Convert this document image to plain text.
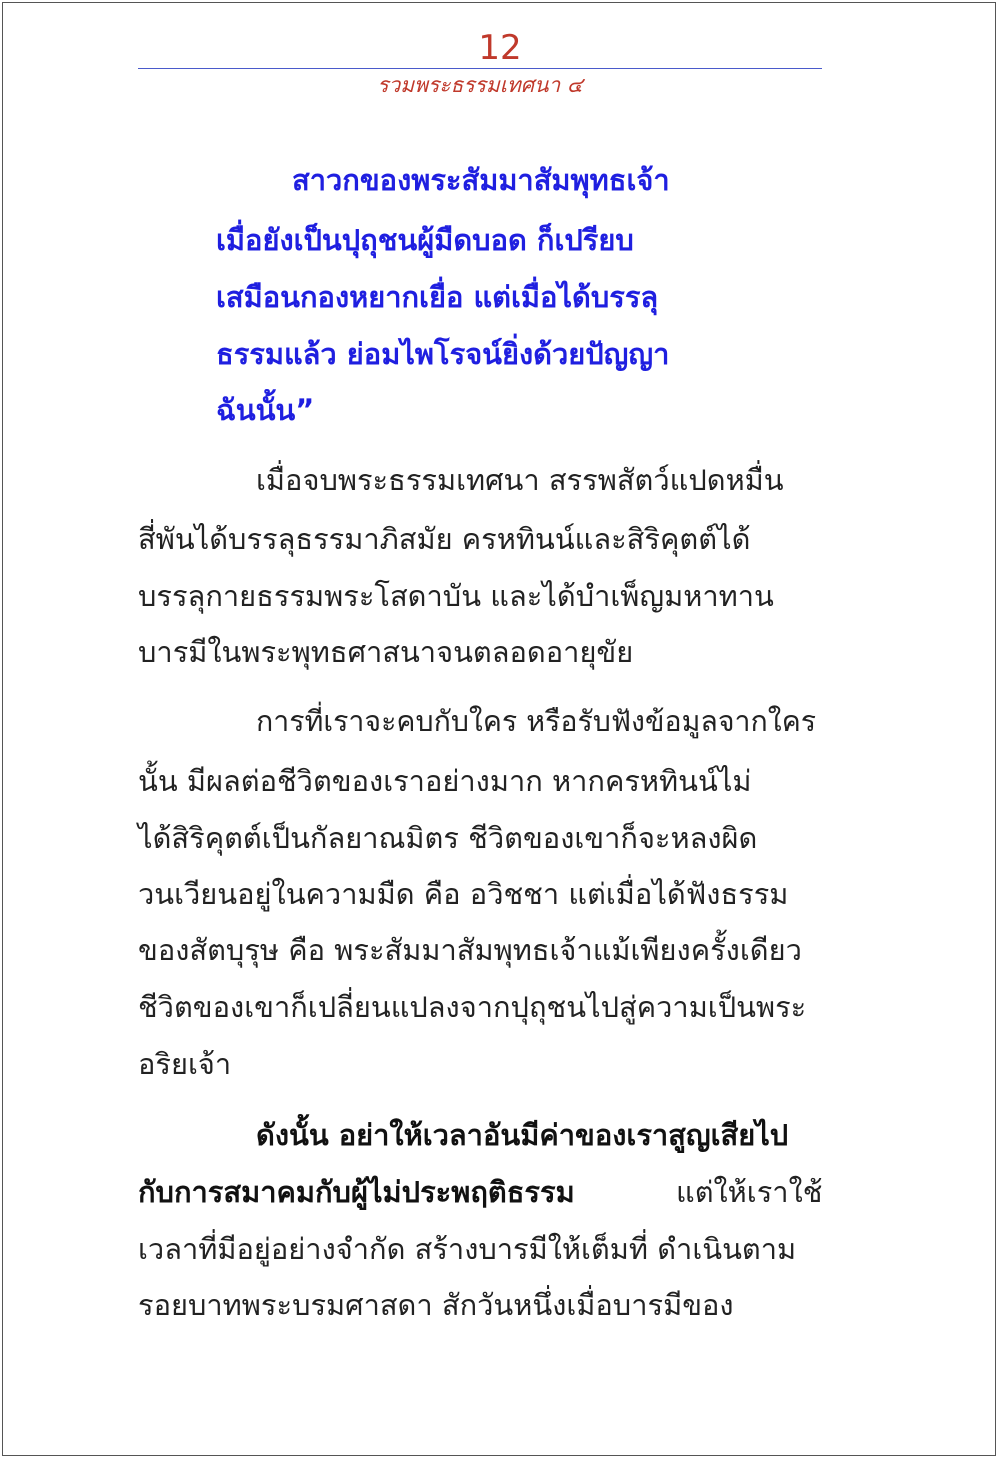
12
รวมพระธรรมเทศนา ๔
สาวกของพระสัมมาสัมพุทธเจ้า
เมื่อยังเป็นปุถุชนผู้มืดบอด ก็เปรียบ
เสมือนกองหยากเยื่อ แต่เมื่อได้บรรลุ
ธรรมแล้ว ย่อมไพโรจน์ยิ่งด้วยปัญญา
ฉันนั้น”
เมื่อจบพระธรรมเทศนา สรรพสัตว์แปดหมื่น
สี่พันได้บรรลุธรรมาภิสมัย ครหทินน์และสิริคุตต์ได้
บรรลุกายธรรมพระโสดาบัน และได้บำเพ็ญมหาทาน
บารมีในพระพุทธศาสนาจนตลอดอายุขัย
การที่เราจะคบกับใคร หรือรับฟังข้อมูลจากใคร
นั้น มีผลต่อชีวิตของเราอย่างมาก หากครหทินน์ไม่
ได้สิริคุตต์เป็นกัลยาณมิตร ชีวิตของเขาก็จะหลงผิด
วนเวียนอยู่ในความมืด คือ อวิชชา แต่เมื่อได้ฟังธรรม
ของสัตบุรุษ คือ พระสัมมาสัมพุทธเจ้าแม้เพียงครั้งเดียว
ชีวิตของเขาก็เปลี่ยนแปลงจากปุถุชนไปสู่ความเป็นพระ
อริยเจ้า
ดังนั้น อย่าให้เวลาอันมีค่าของเราสูญเสียไป
กับการสมาคมกับผู้ไม่ประพฤติธรรม	แต่ให้เราใช้
เวลาที่มีอยู่อย่างจำกัด สร้างบารมีให้เต็มที่ ดำเนินตาม
รอยบาทพระบรมศาสดา สักวันหนึ่งเมื่อบารมีของ
